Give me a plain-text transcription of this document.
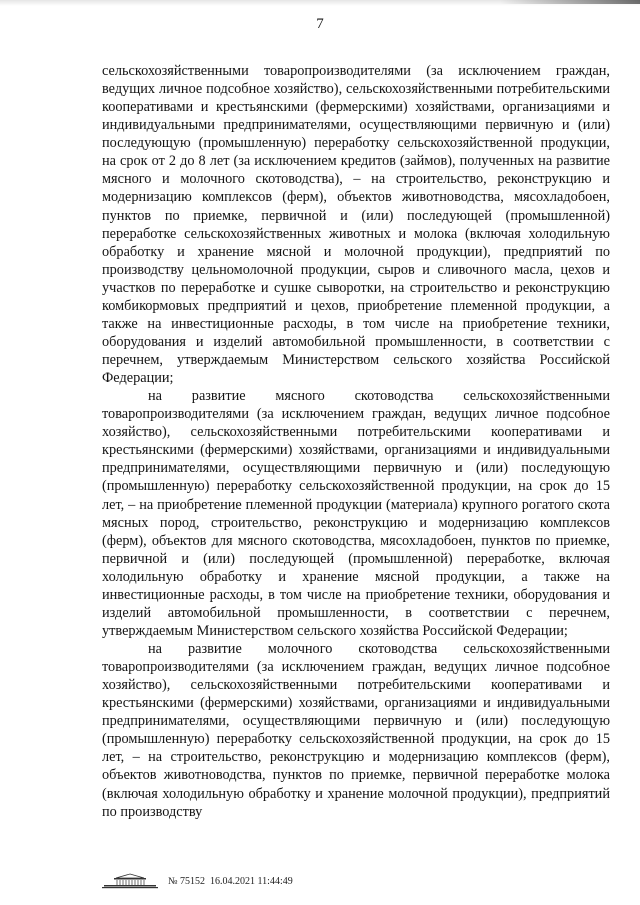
7

сельскохозяйственными товаропроизводителями (за исключением граждан, ведущих личное подсобное хозяйство), сельскохозяйственными потребительскими кооперативами и крестьянскими (фермерскими) хозяйствами, организациями и индивидуальными предпринимателями, осуществляющими первичную и (или) последующую (промышленную) переработку сельскохозяйственной продукции, на срок от 2 до 8 лет (за исключением кредитов (займов), полученных на развитие мясного и молочного скотоводства), – на строительство, реконструкцию и модернизацию комплексов (ферм), объектов животноводства, мясохладобоен, пунктов по приемке, первичной и (или) последующей (промышленной) переработке сельскохозяйственных животных и молока (включая холодильную обработку и хранение мясной и молочной продукции), предприятий по производству цельномолочной продукции, сыров и сливочного масла, цехов и участков по переработке и сушке сыворотки, на строительство и реконструкцию комбикормовых предприятий и цехов, приобретение племенной продукции, а также на инвестиционные расходы, в том числе на приобретение техники, оборудования и изделий автомобильной промышленности, в соответствии с перечнем, утверждаемым Министерством сельского хозяйства Российской Федерации;

на развитие мясного скотоводства сельскохозяйственными товаропроизводителями (за исключением граждан, ведущих личное подсобное хозяйство), сельскохозяйственными потребительскими кооперативами и крестьянскими (фермерскими) хозяйствами, организациями и индивидуальными предпринимателями, осуществляющими первичную и (или) последующую (промышленную) переработку сельскохозяйственной продукции, на срок до 15 лет, – на приобретение племенной продукции (материала) крупного рогатого скота мясных пород, строительство, реконструкцию и модернизацию комплексов (ферм), объектов для мясного скотоводства, мясохладобоен, пунктов по приемке, первичной и (или) последующей (промышленной) переработке, включая холодильную обработку и хранение мясной продукции, а также на инвестиционные расходы, в том числе на приобретение техники, оборудования и изделий автомобильной промышленности, в соответствии с перечнем, утверждаемым Министерством сельского хозяйства Российской Федерации;

на развитие молочного скотоводства сельскохозяйственными товаропроизводителями (за исключением граждан, ведущих личное подсобное хозяйство), сельскохозяйственными потребительскими кооперативами и крестьянскими (фермерскими) хозяйствами, организациями и индивидуальными предпринимателями, осуществляющими первичную и (или) последующую (промышленную) переработку сельскохозяйственной продукции, на срок до 15 лет, – на строительство, реконструкцию и модернизацию комплексов (ферм), объектов животноводства, пунктов по приемке, первичной переработке молока (включая холодильную обработку и хранение молочной продукции), предприятий по производству

№ 75152  16.04.2021 11:44:49
